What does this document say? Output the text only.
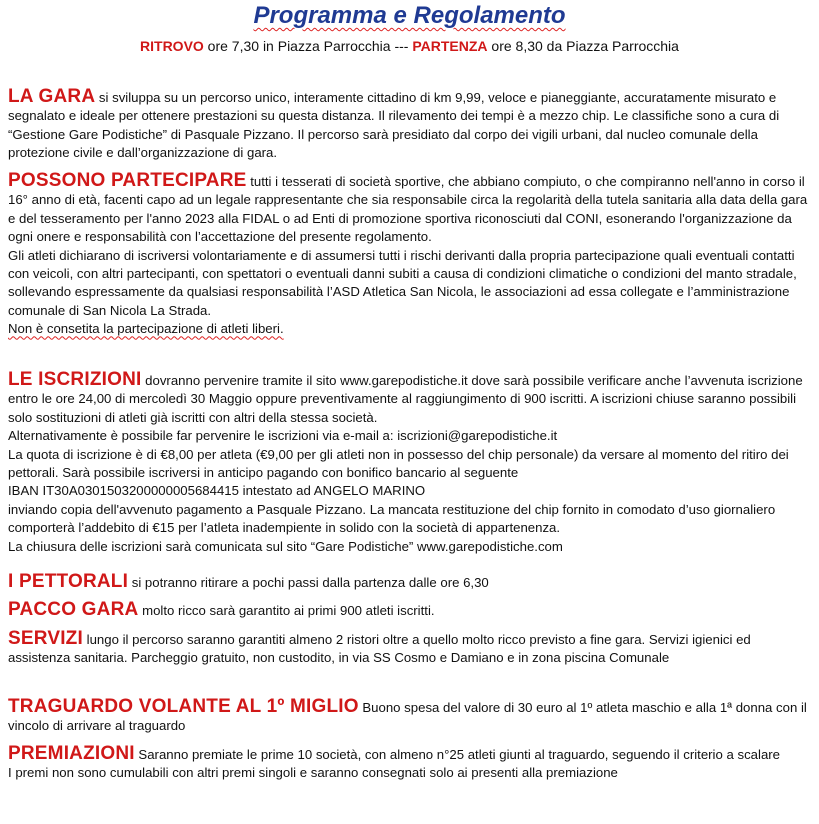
Programma e Regolamento
RITROVO ore 7,30 in Piazza Parrocchia --- PARTENZA ore 8,30 da Piazza Parrocchia

LA GARA si sviluppa su un percorso unico, interamente cittadino di km 9,99, veloce e pianeggiante, accuratamente misurato e segnalato e ideale per ottenere prestazioni su questa distanza. Il rilevamento dei tempi è a mezzo chip. Le classifiche sono a cura di “Gestione Gare Podistiche” di Pasquale Pizzano. Il percorso sarà presidiato dal corpo dei vigili urbani, dal nucleo comunale della protezione civile e dall’organizzazione di gara.

POSSONO PARTECIPARE tutti i tesserati di società sportive, che abbiano compiuto, o che compiranno nell'anno in corso il 16° anno di età, facenti capo ad un legale rappresentante che sia responsabile circa la regolarità della tutela sanitaria alla data della gara e del tesseramento per l'anno 2023 alla FIDAL o ad Enti di promozione sportiva riconosciuti dal CONI, esonerando l'organizzazione da ogni onere e responsabilità con l’accettazione del presente regolamento.

Gli atleti dichiarano di iscriversi volontariamente e di assumersi tutti i rischi derivanti dalla propria partecipazione quali eventuali contatti con veicoli, con altri partecipanti, con spettatori o eventuali danni subiti a causa di condizioni climatiche o condizioni del manto stradale, sollevando espressamente da qualsiasi responsabilità l’ASD Atletica San Nicola, le associazioni ad essa collegate e l’amministrazione comunale di San Nicola La Strada.

Non è consetita la partecipazione di atleti liberi.

LE ISCRIZIONI dovranno pervenire tramite il sito www.garepodistiche.it dove sarà possibile verificare anche l’avvenuta iscrizione entro le ore 24,00 di mercoledì 30 Maggio oppure preventivamente al raggiungimento di 900 iscritti. A iscrizioni chiuse saranno possibili solo sostituzioni di atleti già iscritti con altri della stessa società.

Alternativamente è possibile far pervenire le iscrizioni via e-mail a: iscrizioni@garepodistiche.it

La quota di iscrizione è di €8,00 per atleta (€9,00 per gli atleti non in possesso del chip personale) da versare al momento del ritiro dei pettorali. Sarà possibile iscriversi in anticipo pagando con bonifico bancario al seguente

IBAN IT30A0301503200000005684415 intestato ad ANGELO MARINO

inviando copia dell'avvenuto pagamento a Pasquale Pizzano. La mancata restituzione del chip fornito in comodato d’uso giornaliero comporterà l’addebito di €15 per l’atleta inadempiente in solido con la società di appartenenza.

La chiusura delle iscrizioni sarà comunicata sul sito “Gare Podistiche” www.garepodistiche.com

I PETTORALI si potranno ritirare a pochi passi dalla partenza dalle ore 6,30

PACCO GARA molto ricco sarà garantito ai primi 900 atleti iscritti.

SERVIZI lungo il percorso saranno garantiti almeno 2 ristori oltre a quello molto ricco previsto a fine gara. Servizi igienici ed assistenza sanitaria. Parcheggio gratuito, non custodito, in via SS Cosmo e Damiano e in zona piscina Comunale

TRAGUARDO VOLANTE AL 1º MIGLIO Buono spesa del valore di 30 euro al 1º atleta maschio e alla 1ª donna con il vincolo di arrivare al traguardo

PREMIAZIONI Saranno premiate le prime 10 società, con almeno n°25 atleti giunti al traguardo, seguendo il criterio a scalare

I premi non sono cumulabili con altri premi singoli e saranno consegnati solo ai presenti alla premiazione
